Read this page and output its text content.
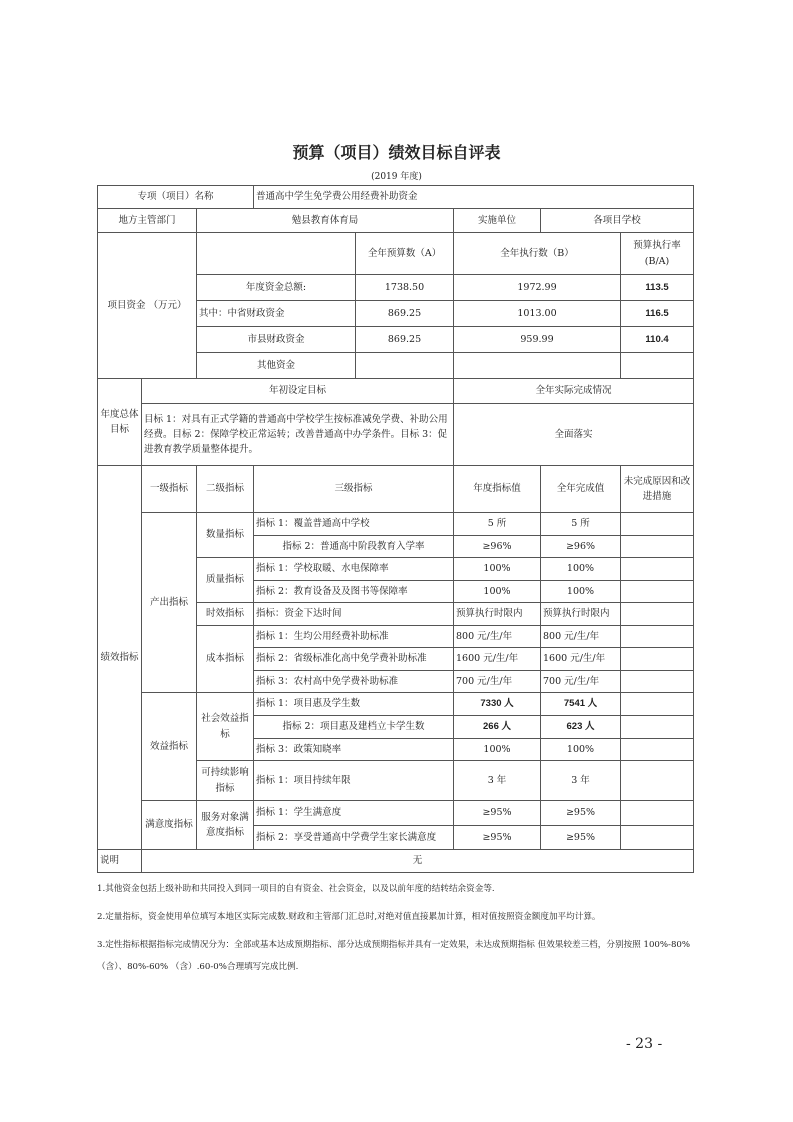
预算（项目）绩效目标自评表
(2019 年度)
专项（项目）名称			普通高中学生免学费公用经费补助资金				
地方主管部门		勉县教育体育局			实施单位	各项目学校	
项目资金 （万元）				全年预算数（A）	全年执行数（B）		预算执行率(B/A)
		年度资金总额:		1738.50	1972.99		113.5
		其中：中省财政资金		869.25	1013.00		116.5
		市县财政资金		869.25	959.99		110.4
		其他资金					
年度总体目标	年初设定目标				全年实际完成情况		
	目标 1：对具有正式学籍的普通高中学校学生按标准减免学费、补助公用经费。目标 2：保障学校正常运转；改善普通高中办学条件。目标 3：促进教育教学质量整体提升。				全面落实		
绩效指标	一级指标	二级指标	三级指标		年度指标值	全年完成值	未完成原因和改进措施
	产出指标	数量指标	指标 1：覆盖普通高中学校		5 所	5 所	
			指标 2：普通高中阶段教育入学率		≥96%	≥96%	
		质量指标	指标 1：学校取暖、水电保障率		100%	100%	
			指标 2：教育设备及及图书等保障率		100%	100%	
		时效指标	指标：资金下达时间		预算执行时限内	预算执行时限内	
		成本指标	指标 1：生均公用经费补助标准		800 元/生/年	800 元/生/年	
			指标 2：省级标准化高中免学费补助标准		1600 元/生/年	1600 元/生/年	
			指标 3：农村高中免学费补助标准		700 元/生/年	700 元/生/年	
	效益指标	社会效益指标	指标 1：项目惠及学生数		7330 人	7541 人	
			指标 2：项目惠及建档立卡学生数		266 人	623 人	
			指标 3：政策知晓率		100%	100%	
		可持续影响指标	指标 1：项目持续年限		3 年	3 年	
	满意度指标	服务对象满意度指标	指标 1：学生满意度		≥95%	≥95%	
			指标 2：享受普通高中学费学生家长满意度		≥95%	≥95%	
说明	无						

1.其他资金包括上级补助和共同投入到同一项目的自有资金、社会资金，以及以前年度的结转结余资金等.

2.定量指标，资金使用单位填写本地区实际完成数.财政和主管部门汇总时,对绝对值直接累加计算，相对值按照资金额度加平均计算。

3.定性指标根据指标完成情况分为：全部或基本达成预期指标、部分达成预期指标并具有一定效果，未达成预期指标 但效果较差三档，分别按照 100%-80% （含）、80%-60% （含）.60-0%合理填写完成比例.

- 23 -
